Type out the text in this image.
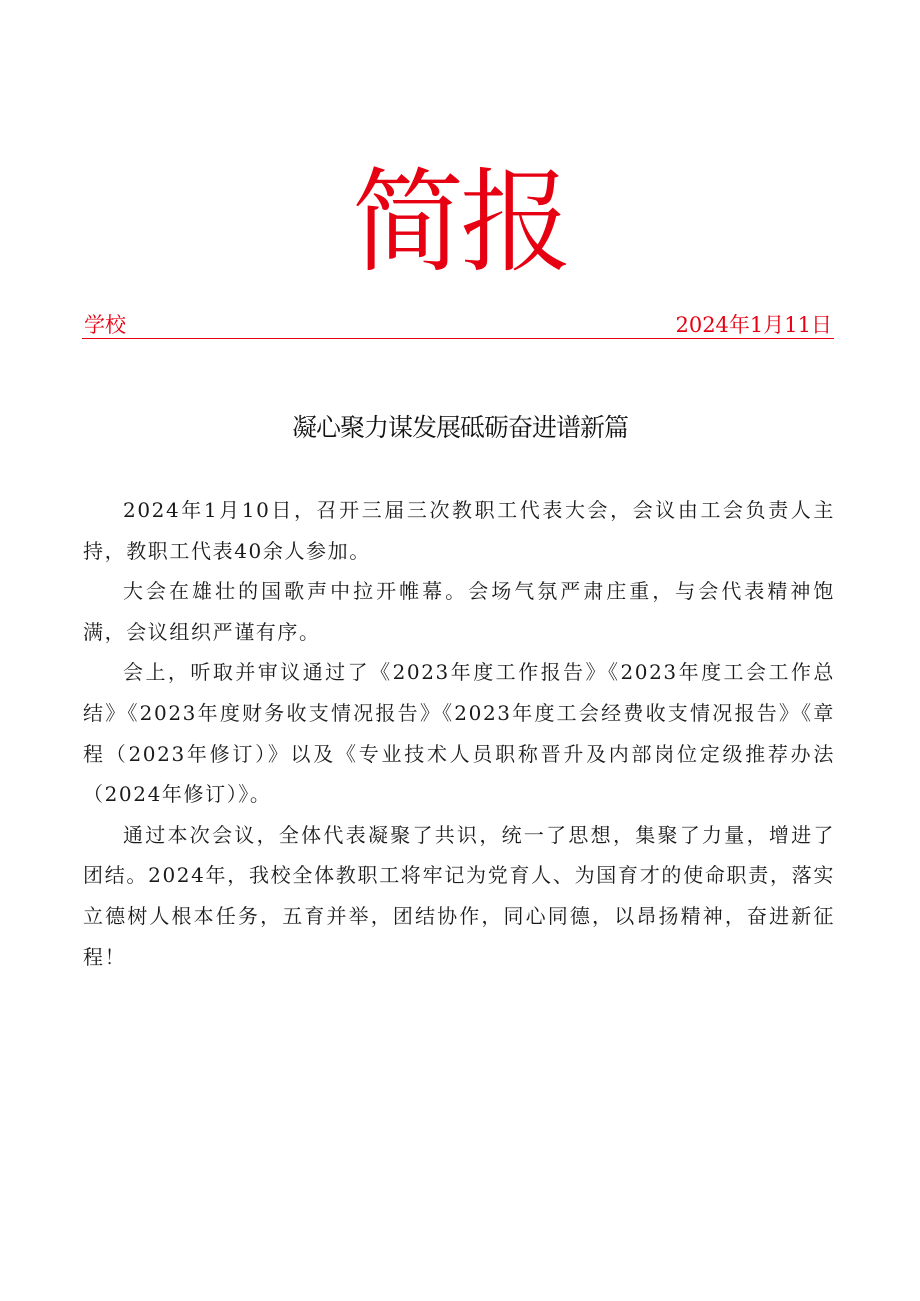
简报
学校	2024年1月11日
凝心聚力谋发展砥砺奋进谱新篇

2024年1月10日，召开三届三次教职工代表大会，会议由工会负责人主持，教职工代表40余人参加。

大会在雄壮的国歌声中拉开帷幕。会场气氛严肃庄重，与会代表精神饱满，会议组织严谨有序。

会上，听取并审议通过了《2023年度工作报告》《2023年度工会工作总结》《2023年度财务收支情况报告》《2023年度工会经费收支情况报告》《章程（2023年修订）》以及《专业技术人员职称晋升及内部岗位定级推荐办法（2024年修订）》。

通过本次会议，全体代表凝聚了共识，统一了思想，集聚了力量，增进了团结。2024年，我校全体教职工将牢记为党育人、为国育才的使命职责，落实立德树人根本任务，五育并举，团结协作，同心同德，以昂扬精神，奋进新征程！
